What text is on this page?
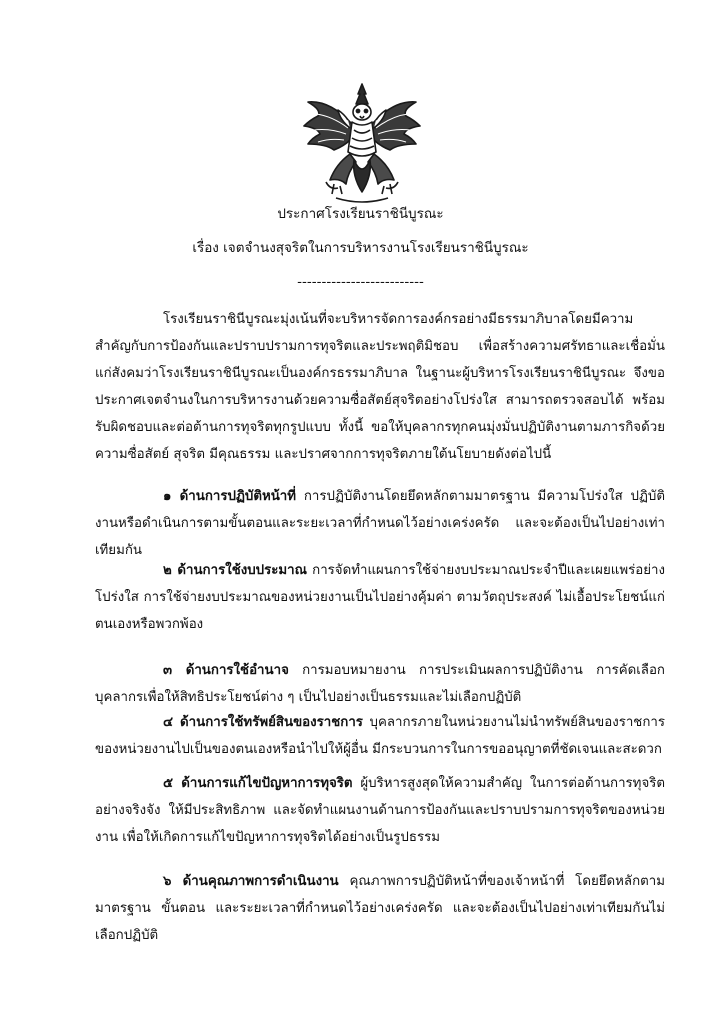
ประกาศโรงเรียนราชินีบูรณะ
เรื่อง เจตจำนงสุจริตในการบริหารงานโรงเรียนราชินีบูรณะ
--------------------------

โรงเรียนราชินีบูรณะมุ่งเน้นที่จะบริหารจัดการองค์กรอย่างมีธรรมาภิบาลโดยมีความสำคัญกับการป้องกันและปราบปรามการทุจริตและประพฤติมิชอบ เพื่อสร้างความศรัทธาและเชื่อมั่นแก่สังคมว่าโรงเรียนราชินีบูรณะเป็นองค์กรธรรมาภิบาล ในฐานะผู้บริหารโรงเรียนราชินีบูรณะ จึงขอประกาศเจตจำนงในการบริหารงานด้วยความซื่อสัตย์สุจริตอย่างโปร่งใส สามารถตรวจสอบได้ พร้อมรับผิดชอบและต่อต้านการทุจริตทุกรูปแบบ ทั้งนี้ ขอให้บุคลากรทุกคนมุ่งมั่นปฏิบัติงานตามภารกิจด้วยความซื่อสัตย์ สุจริต มีคุณธรรม และปราศจากการทุจริตภายใต้นโยบายดังต่อไปนี้

๑ ด้านการปฏิบัติหน้าที่ การปฏิบัติงานโดยยึดหลักตามมาตรฐาน มีความโปร่งใส ปฏิบัติงานหรือดำเนินการตามขั้นตอนและระยะเวลาที่กำหนดไว้อย่างเคร่งครัด และจะต้องเป็นไปอย่างเท่าเทียมกัน

๒ ด้านการใช้งบประมาณ การจัดทำแผนการใช้จ่ายงบประมาณประจำปีและเผยแพร่อย่างโปร่งใส การใช้จ่ายงบประมาณของหน่วยงานเป็นไปอย่างคุ้มค่า ตามวัตถุประสงค์ ไม่เอื้อประโยชน์แก่ตนเองหรือพวกพ้อง

๓ ด้านการใช้อำนาจ การมอบหมายงาน การประเมินผลการปฏิบัติงาน การคัดเลือกบุคลากรเพื่อให้สิทธิประโยชน์ต่าง ๆ เป็นไปอย่างเป็นธรรมและไม่เลือกปฏิบัติ

๔ ด้านการใช้ทรัพย์สินของราชการ บุคลากรภายในหน่วยงานไม่นำทรัพย์สินของราชการ ของหน่วยงานไปเป็นของตนเองหรือนำไปให้ผู้อื่น มีกระบวนการในการขออนุญาตที่ชัดเจนและสะดวก

๕ ด้านการแก้ไขปัญหาการทุจริต ผู้บริหารสูงสุดให้ความสำคัญ ในการต่อต้านการทุจริตอย่างจริงจัง ให้มีประสิทธิภาพ และจัดทำแผนงานด้านการป้องกันและปราบปรามการทุจริตของหน่วยงาน เพื่อให้เกิดการแก้ไขปัญหาการทุจริตได้อย่างเป็นรูปธรรม

๖ ด้านคุณภาพการดำเนินงาน คุณภาพการปฏิบัติหน้าที่ของเจ้าหน้าที่ โดยยึดหลักตามมาตรฐาน ขั้นตอน และระยะเวลาที่กำหนดไว้อย่างเคร่งครัด และจะต้องเป็นไปอย่างเท่าเทียมกันไม่เลือกปฏิบัติ
